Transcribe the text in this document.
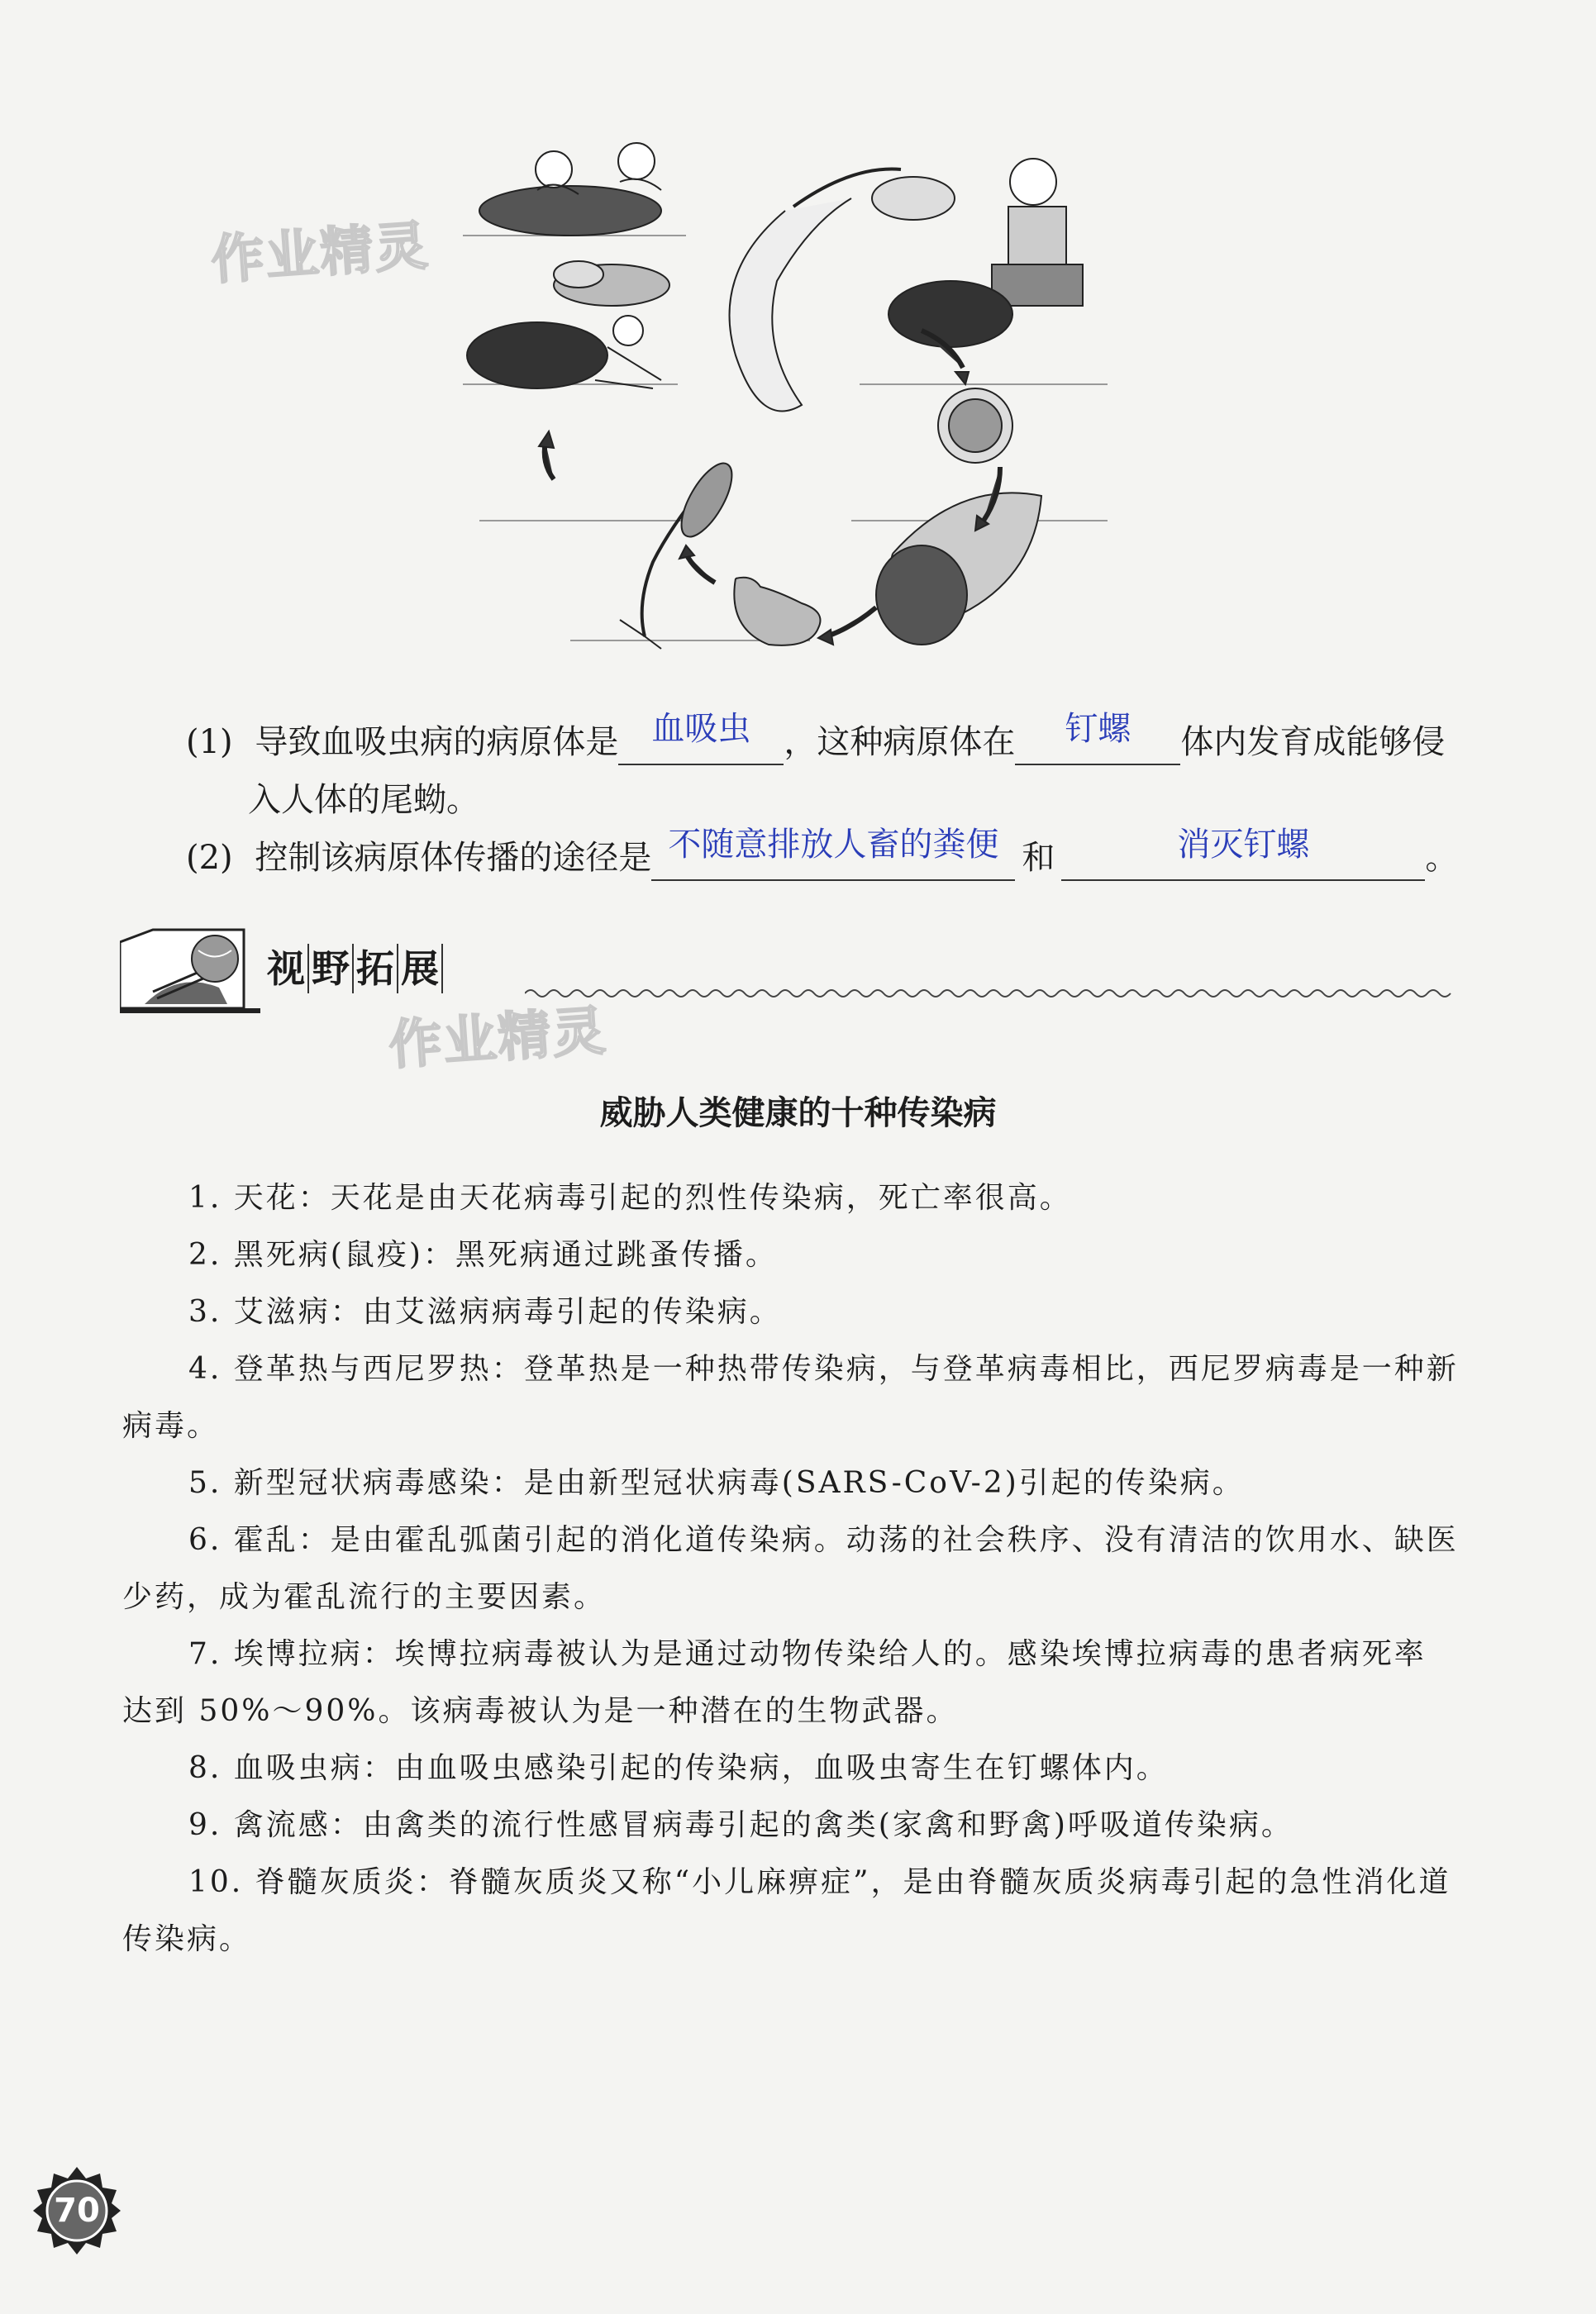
作业精灵
作业精灵
(1) 导致血吸虫病的病原体是	血吸虫	，这种病原体在	钉螺	体内发育成能够侵
入人体的尾蚴。
(2) 控制该病原体传播的途径是 不随意排放人畜的粪便 和	消灭钉螺	。
视 野 拓 展
威胁人类健康的十种传染病

1. 天花：天花是由天花病毒引起的烈性传染病，死亡率很高。

2. 黑死病(鼠疫)：黑死病通过跳蚤传播。

3. 艾滋病：由艾滋病病毒引起的传染病。

4. 登革热与西尼罗热：登革热是一种热带传染病，与登革病毒相比，西尼罗病毒是一种新

病毒。

5. 新型冠状病毒感染：是由新型冠状病毒(SARS-CoV-2)引起的传染病。

6. 霍乱：是由霍乱弧菌引起的消化道传染病。动荡的社会秩序、没有清洁的饮用水、缺医

少药，成为霍乱流行的主要因素。

7. 埃博拉病：埃博拉病毒被认为是通过动物传染给人的。感染埃博拉病毒的患者病死率

达到 50%～90%。该病毒被认为是一种潜在的生物武器。

8. 血吸虫病：由血吸虫感染引起的传染病，血吸虫寄生在钉螺体内。

9. 禽流感：由禽类的流行性感冒病毒引起的禽类(家禽和野禽)呼吸道传染病。

10. 脊髓灰质炎：脊髓灰质炎又称“小儿麻痹症”，是由脊髓灰质炎病毒引起的急性消化道

传染病。

70
